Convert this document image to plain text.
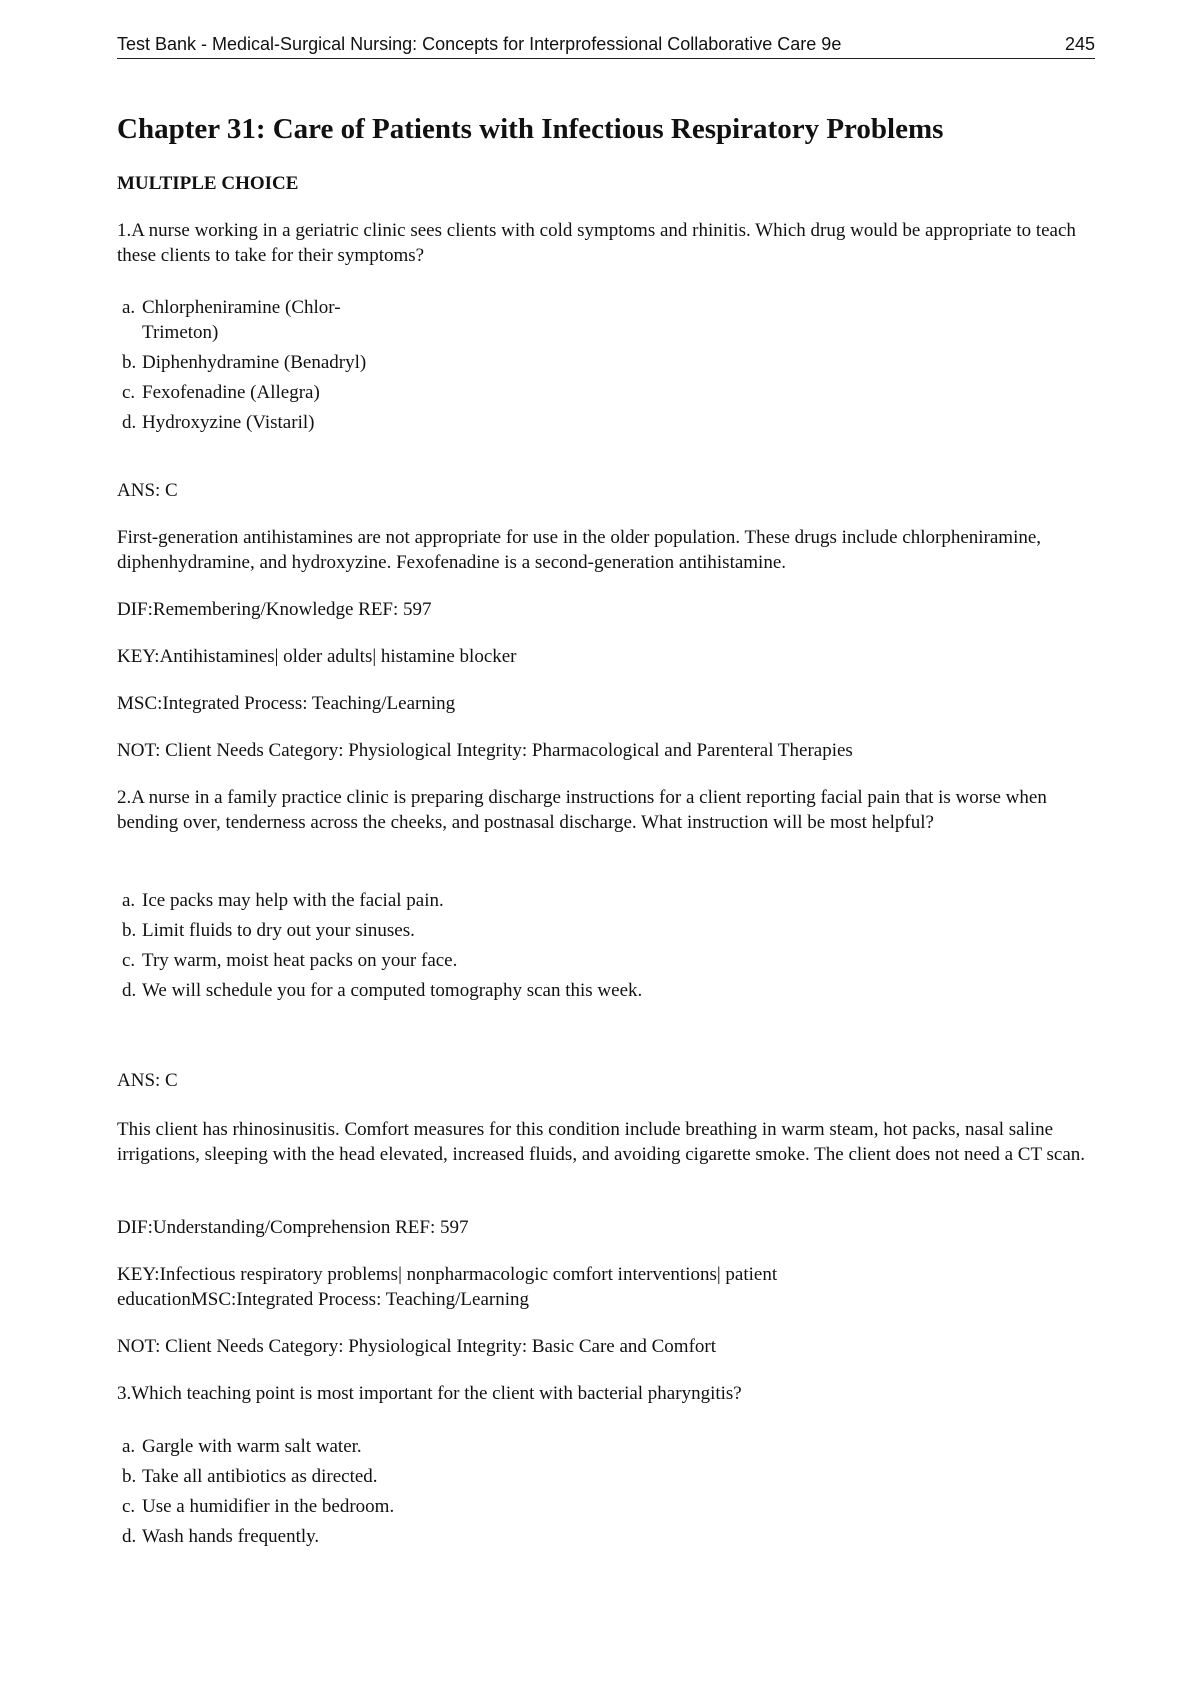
Test Bank - Medical-Surgical Nursing: Concepts for Interprofessional Collaborative Care 9e	245
Chapter 31: Care of Patients with Infectious Respiratory Problems
MULTIPLE CHOICE
1.A nurse working in a geriatric clinic sees clients with cold symptoms and rhinitis. Which drug would be appropriate to teach these clients to take for their symptoms?
a. Chlorpheniramine (Chlor-Trimeton)
b. Diphenhydramine (Benadryl)
c. Fexofenadine (Allegra)
d. Hydroxyzine (Vistaril)
ANS: C
First-generation antihistamines are not appropriate for use in the older population. These drugs include chlorpheniramine, diphenhydramine, and hydroxyzine. Fexofenadine is a second-generation antihistamine.
DIF:Remembering/Knowledge REF: 597
KEY:Antihistamines| older adults| histamine blocker
MSC:Integrated Process: Teaching/Learning
NOT: Client Needs Category: Physiological Integrity: Pharmacological and Parenteral Therapies
2.A nurse in a family practice clinic is preparing discharge instructions for a client reporting facial pain that is worse when bending over, tenderness across the cheeks, and postnasal discharge. What instruction will be most helpful?
a. Ice packs may help with the facial pain.
b. Limit fluids to dry out your sinuses.
c. Try warm, moist heat packs on your face.
d. We will schedule you for a computed tomography scan this week.
ANS: C
This client has rhinosinusitis. Comfort measures for this condition include breathing in warm steam, hot packs, nasal saline irrigations, sleeping with the head elevated, increased fluids, and avoiding cigarette smoke. The client does not need a CT scan.
DIF:Understanding/Comprehension REF: 597
KEY:Infectious respiratory problems| nonpharmacologic comfort interventions| patient educationMSC:Integrated Process: Teaching/Learning
NOT: Client Needs Category: Physiological Integrity: Basic Care and Comfort
3.Which teaching point is most important for the client with bacterial pharyngitis?
a. Gargle with warm salt water.
b. Take all antibiotics as directed.
c. Use a humidifier in the bedroom.
d. Wash hands frequently.
